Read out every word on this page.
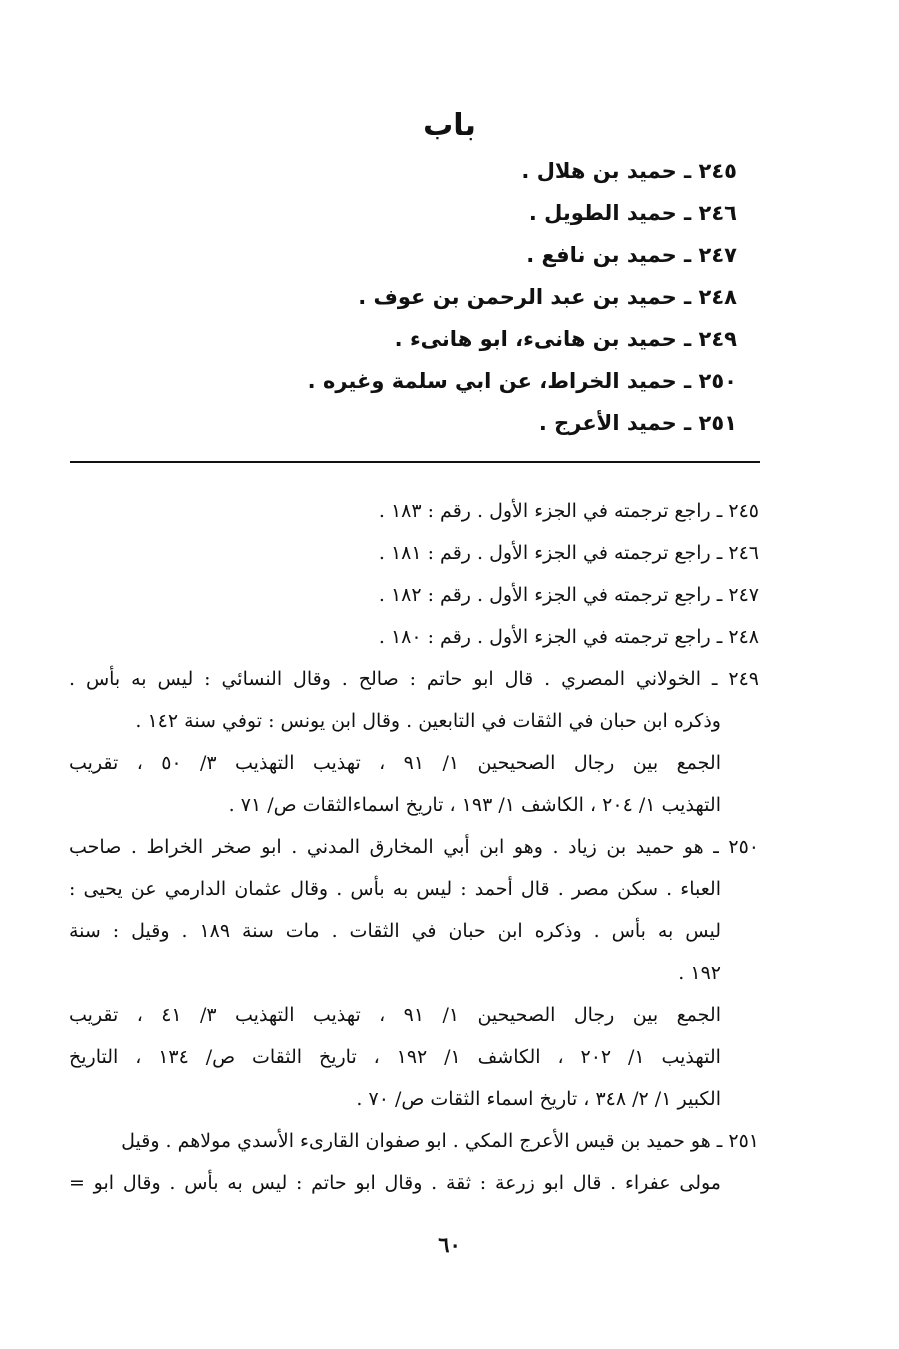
باب
٢٤٥ ـ حميد بن هلال .
٢٤٦ ـ حميد الطويل .
٢٤٧ ـ حميد بن نافع .
٢٤٨ ـ حميد بن عبد الرحمن بن عوف .
٢٤٩ ـ حميد بن هانىء، ابو هانىء .
٢٥٠ ـ حميد الخراط، عن ابي سلمة وغيره .
٢٥١ ـ حميد الأعرج .
٢٤٥ ـ راجع ترجمته في الجزء الأول . رقم : ١٨٣ .
٢٤٦ ـ راجع ترجمته في الجزء الأول . رقم : ١٨١ .
٢٤٧ ـ راجع ترجمته في الجزء الأول . رقم : ١٨٢ .
٢٤٨ ـ راجع ترجمته في الجزء الأول . رقم : ١٨٠ .
٢٤٩ ـ الخولاني المصري . قال ابو حاتم : صالح . وقال النسائي : ليس به بأس .
وذكره ابن حبان في الثقات في التابعين . وقال ابن يونس : توفي سنة ١٤٢ .
الجمع بين رجال الصحيحين ١/ ٩١ ، تهذيب التهذيب ٣/ ٥٠ ، تقريب
التهذيب ١/ ٢٠٤ ، الكاشف ١/ ١٩٣ ، تاريخ اسماءالثقات ص/ ٧١ .
٢٥٠ ـ هو حميد بن زياد . وهو ابن أبي المخارق المدني . ابو صخر الخراط . صاحب
العباء . سكن مصر . قال أحمد : ليس به بأس . وقال عثمان الدارمي عن يحيى :
ليس به بأس . وذكره ابن حبان في الثقات . مات سنة ١٨٩ . وقيل : سنة
١٩٢ .
الجمع بين رجال الصحيحين ١/ ٩١ ، تهذيب التهذيب ٣/ ٤١ ، تقريب
التهذيب ١/ ٢٠٢ ، الكاشف ١/ ١٩٢ ، تاريخ الثقات ص/ ١٣٤ ، التاريخ
الكبير ١/ ٢/ ٣٤٨ ، تاريخ اسماء الثقات ص/ ٧٠ .
٢٥١ ـ هو حميد بن قيس الأعرج المكي . ابو صفوان القارىء الأسدي مولاهم . وقيل
مولى عفراء . قال ابو زرعة : ثقة . وقال ابو حاتم : ليس به بأس . وقال ابو =
٦٠
